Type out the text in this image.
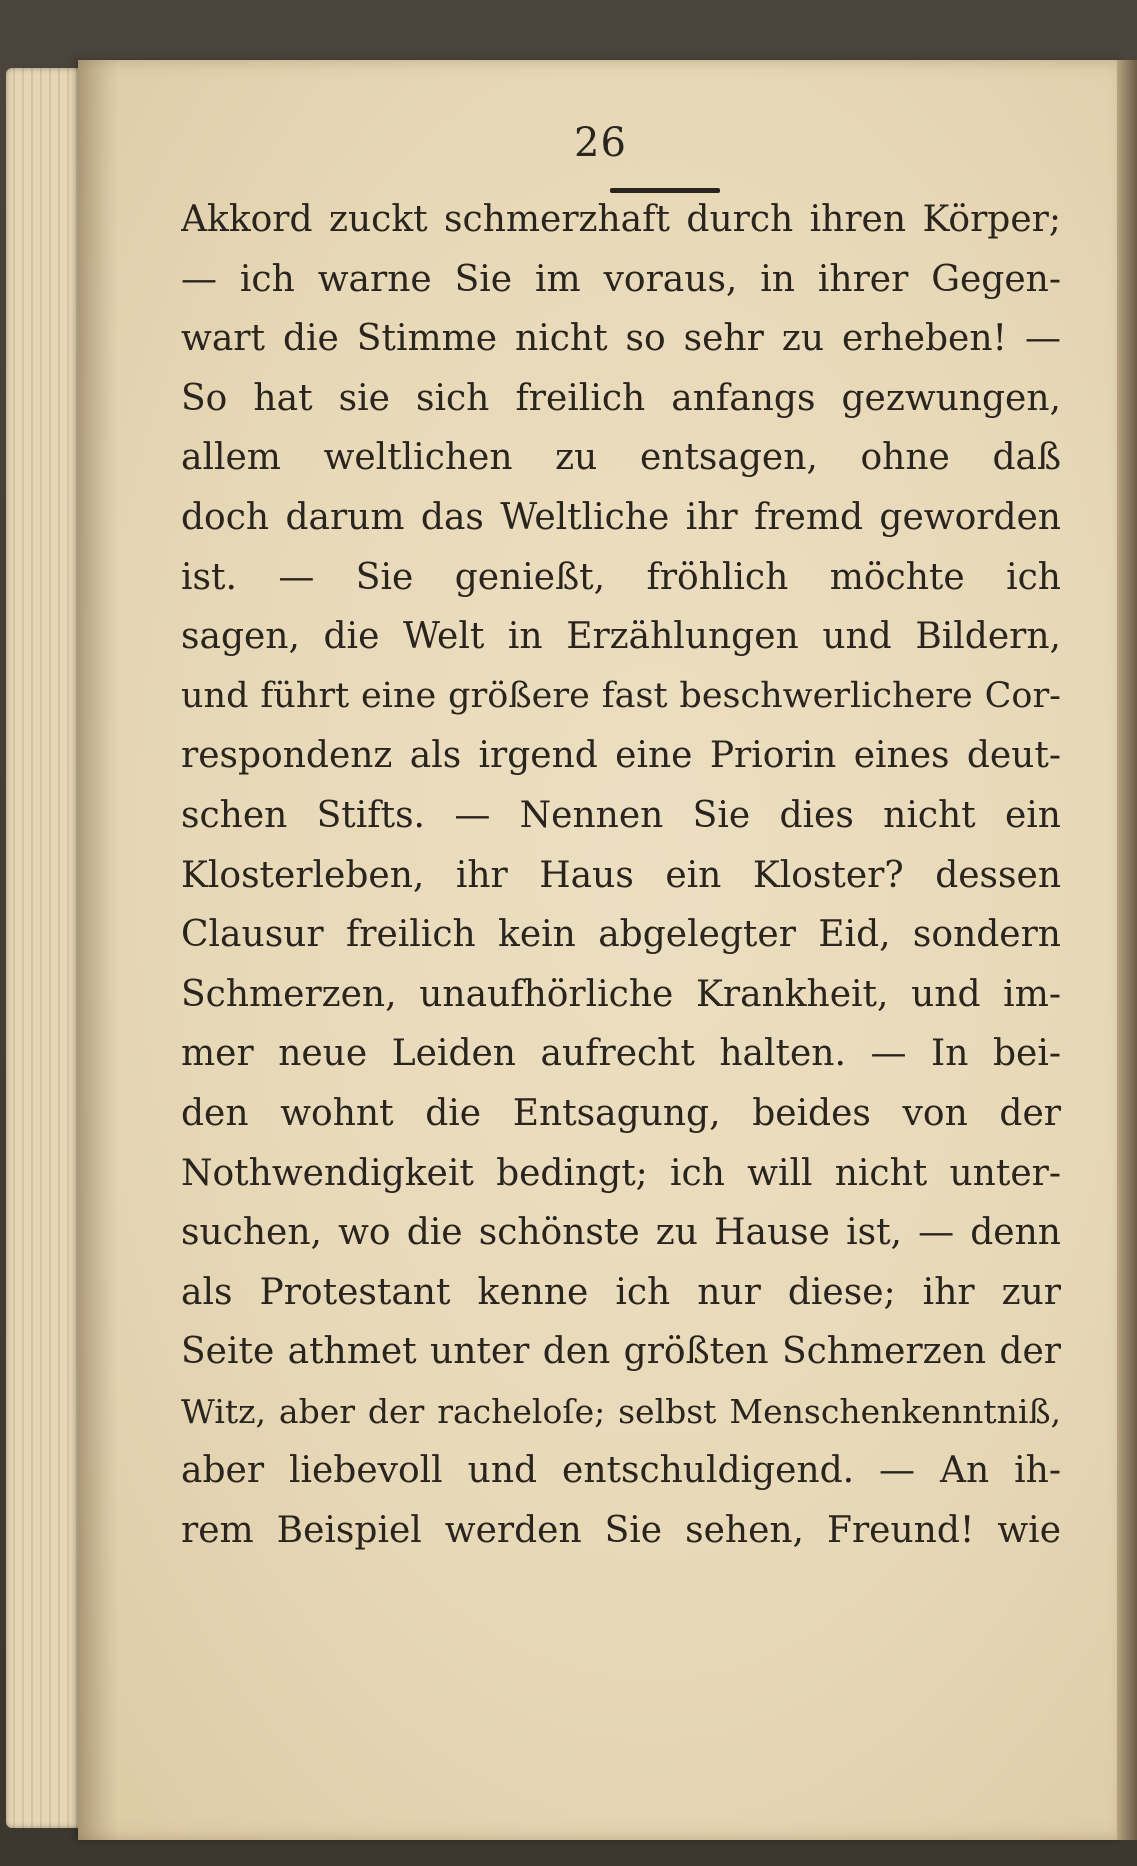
26
Akkord zuckt schmerzhaft durch ihren Körper;
— ich warne Sie im voraus, in ihrer Gegen-
wart die Stimme nicht so sehr zu erheben! —
So hat sie sich freilich anfangs gezwungen,
allem weltlichen zu entsagen, ohne daß
doch darum das Weltliche ihr fremd geworden
ist. — Sie genießt, fröhlich möchte ich
sagen, die Welt in Erzählungen und Bildern,
und führt eine größere fast beschwerlichere Cor-
respondenz als irgend eine Priorin eines deut-
schen Stifts. — Nennen Sie dies nicht ein
Klosterleben, ihr Haus ein Kloster? dessen
Clausur freilich kein abgelegter Eid, sondern
Schmerzen, unaufhörliche Krankheit, und im-
mer neue Leiden aufrecht halten. — In bei-
den wohnt die Entsagung, beides von der
Nothwendigkeit bedingt; ich will nicht unter-
suchen, wo die schönste zu Hause ist, — denn
als Protestant kenne ich nur diese; ihr zur
Seite athmet unter den größten Schmerzen der
Witz, aber der racheloſe; selbst Menschenkenntniß,
aber liebevoll und entschuldigend. — An ih-
rem Beispiel werden Sie sehen, Freund! wie
